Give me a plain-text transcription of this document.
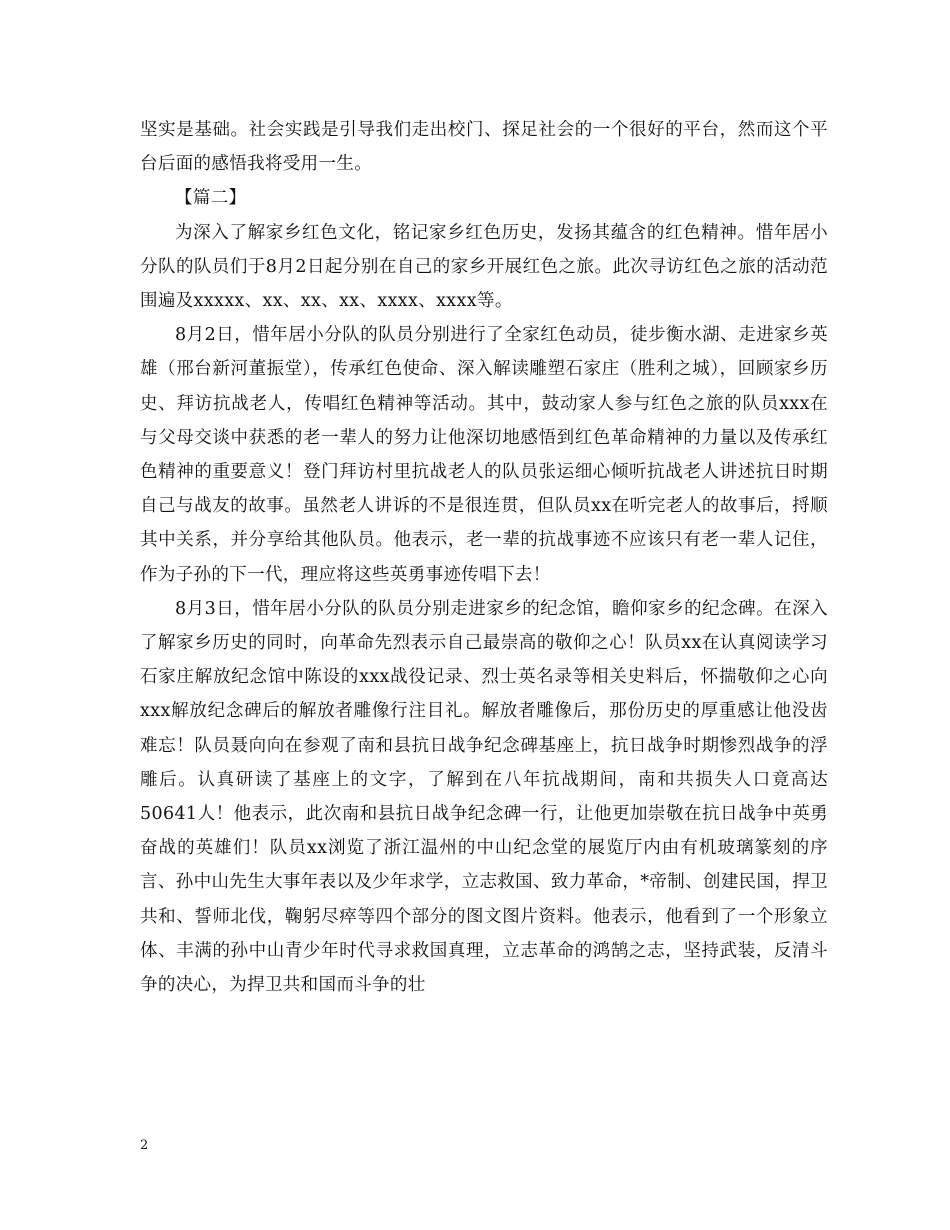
坚实是基础。社会实践是引导我们走出校门、探足社会的一个很好的平台，然而这个平台后面的感悟我将受用一生。

【篇二】

为深入了解家乡红色文化，铭记家乡红色历史，发扬其蕴含的红色精神。惜年居小分队的队员们于8月2日起分别在自己的家乡开展红色之旅。此次寻访红色之旅的活动范围遍及xxxxx、xx、xx、xx、xxxx、xxxx等。

8月2日，惜年居小分队的队员分别进行了全家红色动员，徒步衡水湖、走进家乡英雄（邢台新河董振堂），传承红色使命、深入解读雕塑石家庄（胜利之城），回顾家乡历史、拜访抗战老人，传唱红色精神等活动。其中，鼓动家人参与红色之旅的队员xxx在与父母交谈中获悉的老一辈人的努力让他深切地感悟到红色革命精神的力量以及传承红色精神的重要意义！登门拜访村里抗战老人的队员张运细心倾听抗战老人讲述抗日时期自己与战友的故事。虽然老人讲诉的不是很连贯，但队员xx在听完老人的故事后，捋顺其中关系，并分享给其他队员。他表示，老一辈的抗战事迹不应该只有老一辈人记住，作为子孙的下一代，理应将这些英勇事迹传唱下去！

8月3日，惜年居小分队的队员分别走进家乡的纪念馆，瞻仰家乡的纪念碑。在深入了解家乡历史的同时，向革命先烈表示自己最崇高的敬仰之心！队员xx在认真阅读学习石家庄解放纪念馆中陈设的xxx战役记录、烈士英名录等相关史料后，怀揣敬仰之心向xxx解放纪念碑后的解放者雕像行注目礼。解放者雕像后，那份历史的厚重感让他没齿难忘！队员聂向向在参观了南和县抗日战争纪念碑基座上，抗日战争时期惨烈战争的浮雕后。认真研读了基座上的文字，了解到在八年抗战期间，南和共损失人口竟高达50641人！他表示，此次南和县抗日战争纪念碑一行，让他更加崇敬在抗日战争中英勇奋战的英雄们！队员xx浏览了浙江温州的中山纪念堂的展览厅内由有机玻璃篆刻的序言、孙中山先生大事年表以及少年求学，立志救国、致力革命，*帝制、创建民国，捍卫共和、誓师北伐，鞠躬尽瘁等四个部分的图文图片资料。他表示，他看到了一个形象立体、丰满的孙中山青少年时代寻求救国真理，立志革命的鸿鹄之志，坚持武装，反清斗争的决心，为捍卫共和国而斗争的壮

2
